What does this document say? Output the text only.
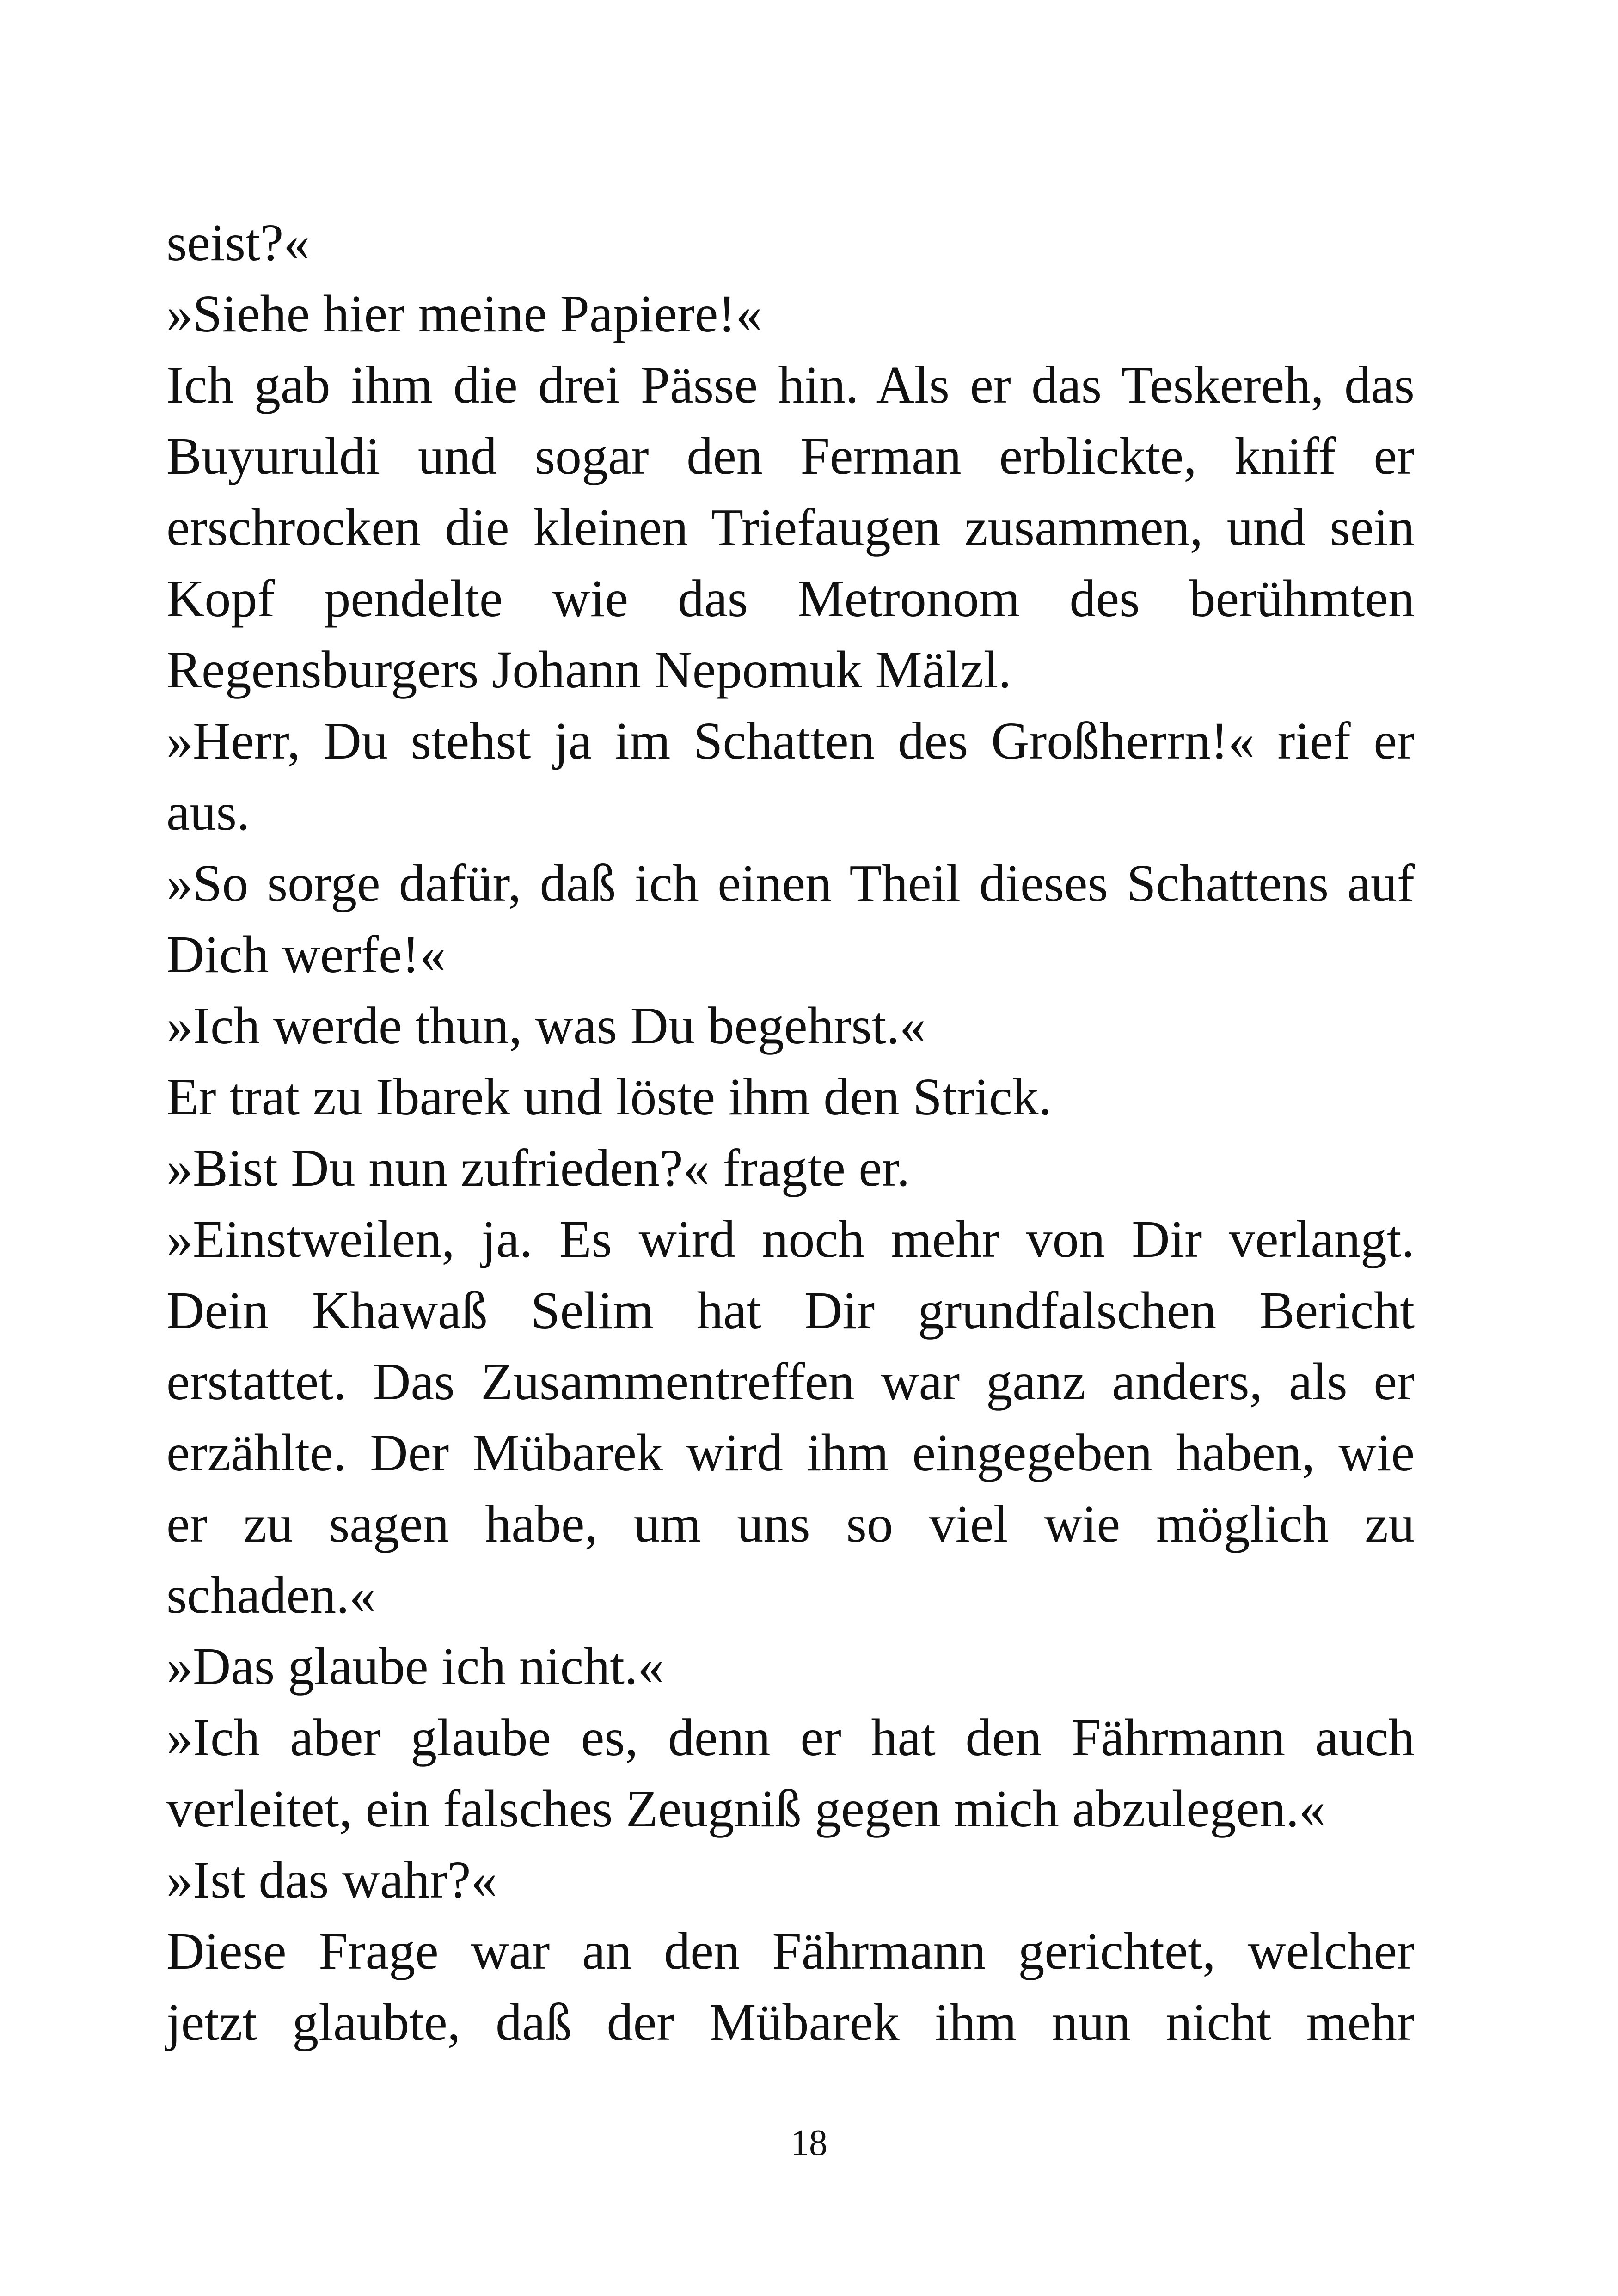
seist?«
»Siehe hier meine Papiere!«
Ich gab ihm die drei Pässe hin. Als er das Teskereh, das
Buyuruldi und sogar den Ferman erblickte, kniff er
erschrocken die kleinen Triefaugen zusammen, und sein
Kopf pendelte wie das Metronom des berühmten
Regensburgers Johann Nepomuk Mälzl.
»Herr, Du stehst ja im Schatten des Großherrn!« rief er
aus.
»So sorge dafür, daß ich einen Theil dieses Schattens auf
Dich werfe!«
»Ich werde thun, was Du begehrst.«
Er trat zu Ibarek und löste ihm den Strick.
»Bist Du nun zufrieden?« fragte er.
»Einstweilen, ja. Es wird noch mehr von Dir verlangt.
Dein Khawaß Selim hat Dir grundfalschen Bericht
erstattet. Das Zusammentreffen war ganz anders, als er
erzählte. Der Mübarek wird ihm eingegeben haben, wie
er zu sagen habe, um uns so viel wie möglich zu
schaden.«
»Das glaube ich nicht.«
»Ich aber glaube es, denn er hat den Fährmann auch
verleitet, ein falsches Zeugniß gegen mich abzulegen.«
»Ist das wahr?«
Diese Frage war an den Fährmann gerichtet, welcher
jetzt glaubte, daß der Mübarek ihm nun nicht mehr
18
